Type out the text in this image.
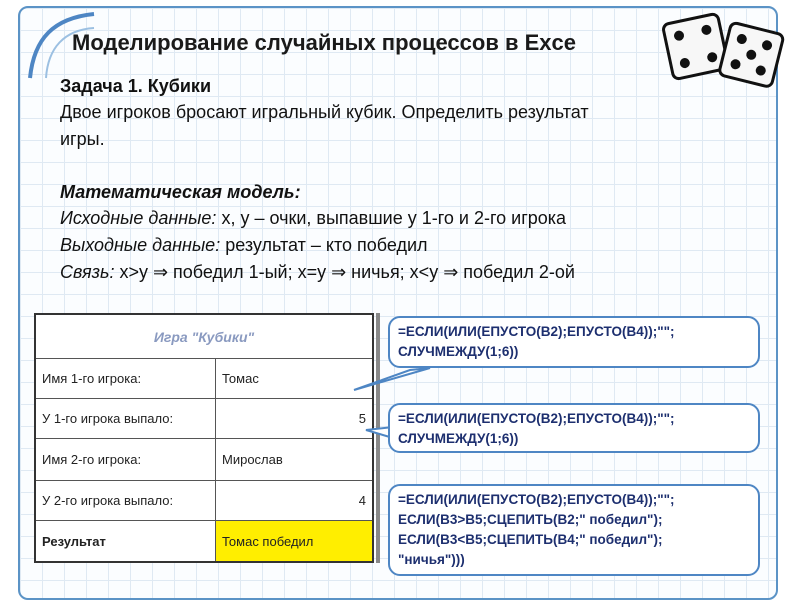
Моделирование случайных процессов в Exce
Задача 1. Кубики
Двое игроков бросают игральный кубик. Определить результат
игры.
Математическая модель:
Исходные данные: x, y – очки, выпавшие у 1-го и 2-го игрока
Выходные данные: результат – кто победил
Связь: x>y ⇒ победил 1-ый; x=y ⇒ ничья; x<y ⇒ победил 2-ой
Игра "Кубики"
Имя 1-го игрока:	Томас
У 1-го игрока выпало:	5
Имя 2-го игрока:	Мирослав
У 2-го игрока выпало:	4
Результат	Томас победил
=ЕСЛИ(ИЛИ(ЕПУСТО(B2);ЕПУСТО(B4));"";
СЛУЧМЕЖДУ(1;6))
=ЕСЛИ(ИЛИ(ЕПУСТО(B2);ЕПУСТО(B4));"";
СЛУЧМЕЖДУ(1;6))
=ЕСЛИ(ИЛИ(ЕПУСТО(B2);ЕПУСТО(B4));"";
ЕСЛИ(B3>B5;СЦЕПИТЬ(B2;" победил");
ЕСЛИ(B3<B5;СЦЕПИТЬ(B4;" победил");
"ничья")))
